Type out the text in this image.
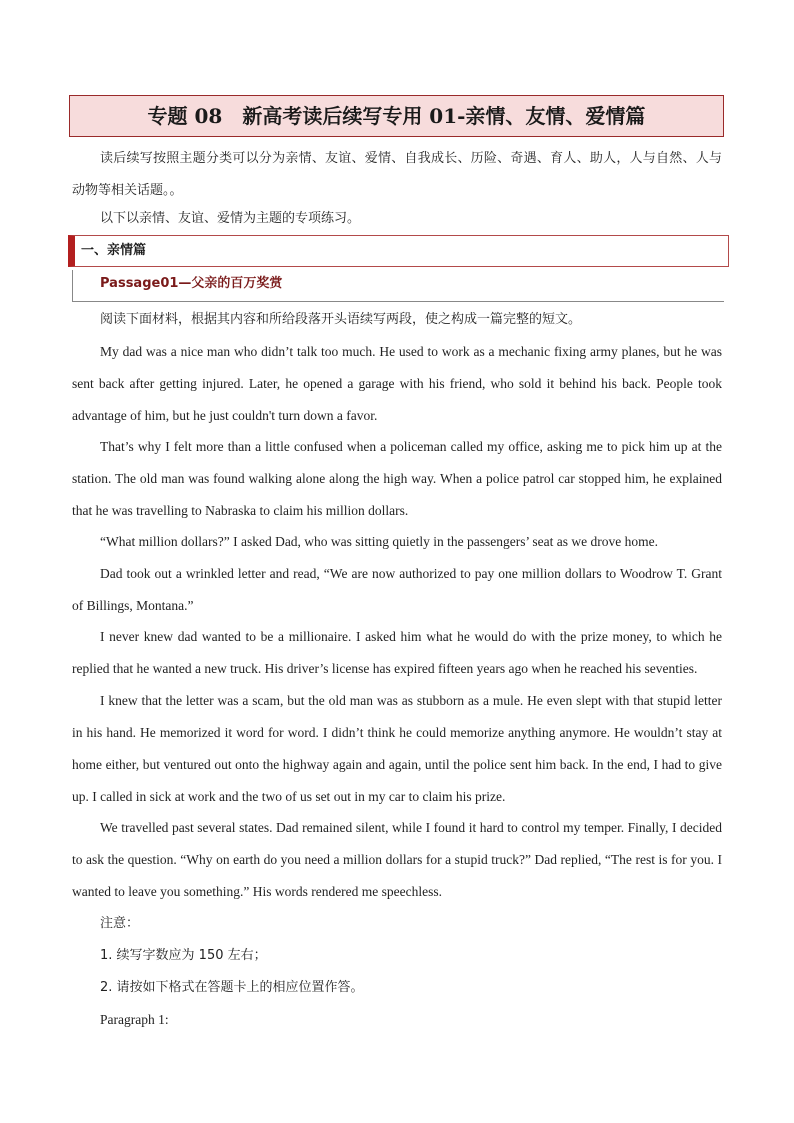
专题 08　新高考读后续写专用 01-亲情、友情、爱情篇

读后续写按照主题分类可以分为亲情、友谊、爱情、自我成长、历险、奇遇、育人、助人，人与自然、人与动物等相关话题。。

以下以亲情、友谊、爱情为主题的专项练习。

一、亲情篇
Passage01—父亲的百万奖赏

阅读下面材料，根据其内容和所给段落开头语续写两段，使之构成一篇完整的短文。

My dad was a nice man who didn’t talk too much. He used to work as a mechanic fixing army planes, but he was sent back after getting injured. Later, he opened a garage with his friend, who sold it behind his back. People took advantage of him, but he just couldn't turn down a favor.

That’s why I felt more than a little confused when a policeman called my office, asking me to pick him up at the station. The old man was found walking alone along the high way. When a police patrol car stopped him, he explained that he was travelling to Nabraska to claim his million dollars.

“What million dollars?” I asked Dad, who was sitting quietly in the passengers’ seat as we drove home.

Dad took out a wrinkled letter and read, “We are now authorized to pay one million dollars to Woodrow T. Grant of Billings, Montana.”

I never knew dad wanted to be a millionaire. I asked him what he would do with the prize money, to which he replied that he wanted a new truck. His driver’s license has expired fifteen years ago when he reached his seventies.

I knew that the letter was a scam, but the old man was as stubborn as a mule. He even slept with that stupid letter in his hand. He memorized it word for word. I didn’t think he could memorize anything anymore. He wouldn’t stay at home either, but ventured out onto the highway again and again, until the police sent him back. In the end, I had to give up. I called in sick at work and the two of us set out in my car to claim his prize.

We travelled past several states. Dad remained silent, while I found it hard to control my temper. Finally, I decided to ask the question. “Why on earth do you need a million dollars for a stupid truck?” Dad replied, “The rest is for you. I wanted to leave you something.” His words rendered me speechless.

注意：

1. 续写字数应为 150 左右；

2. 请按如下格式在答题卡上的相应位置作答。

Paragraph 1:
